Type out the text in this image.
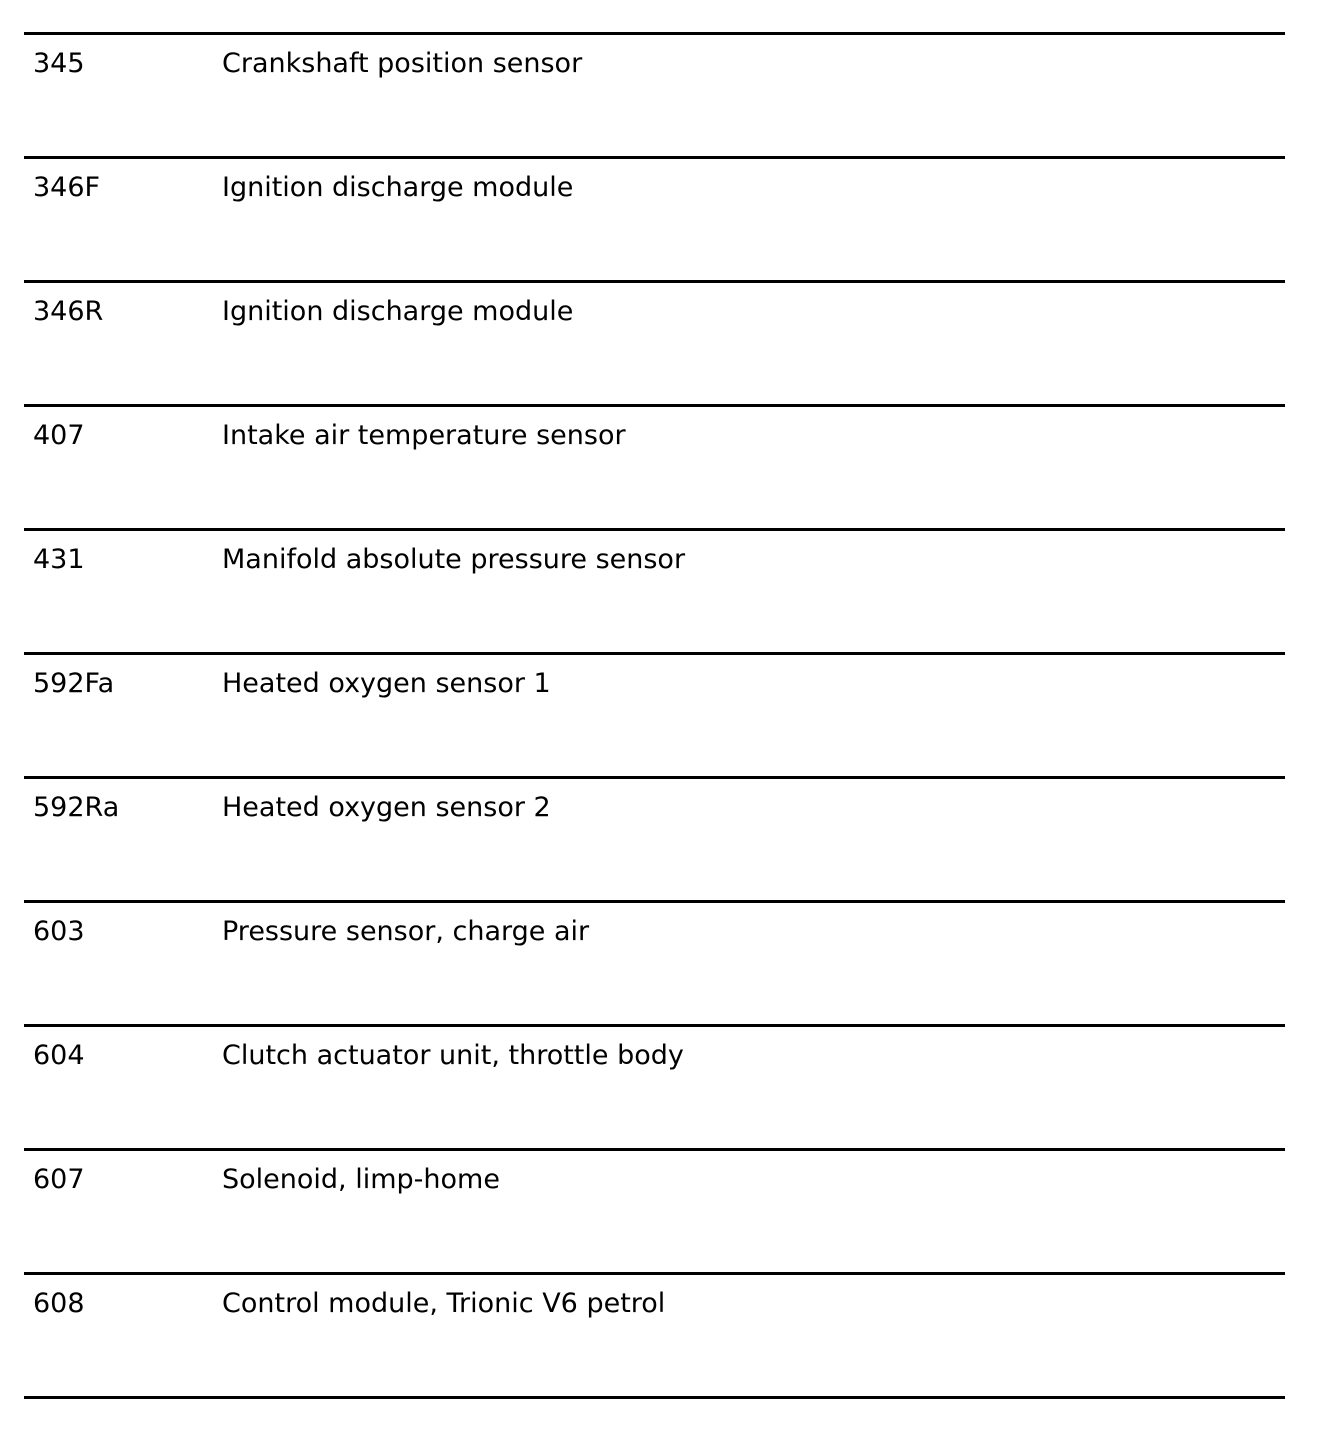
345	Crankshaft position sensor
346F	Ignition discharge module
346R	Ignition discharge module
407	Intake air temperature sensor
431	Manifold absolute pressure sensor
592Fa	Heated oxygen sensor 1
592Ra	Heated oxygen sensor 2
603	Pressure sensor, charge air
604	Clutch actuator unit, throttle body
607	Solenoid, limp-home
608	Control module, Trionic V6 petrol
